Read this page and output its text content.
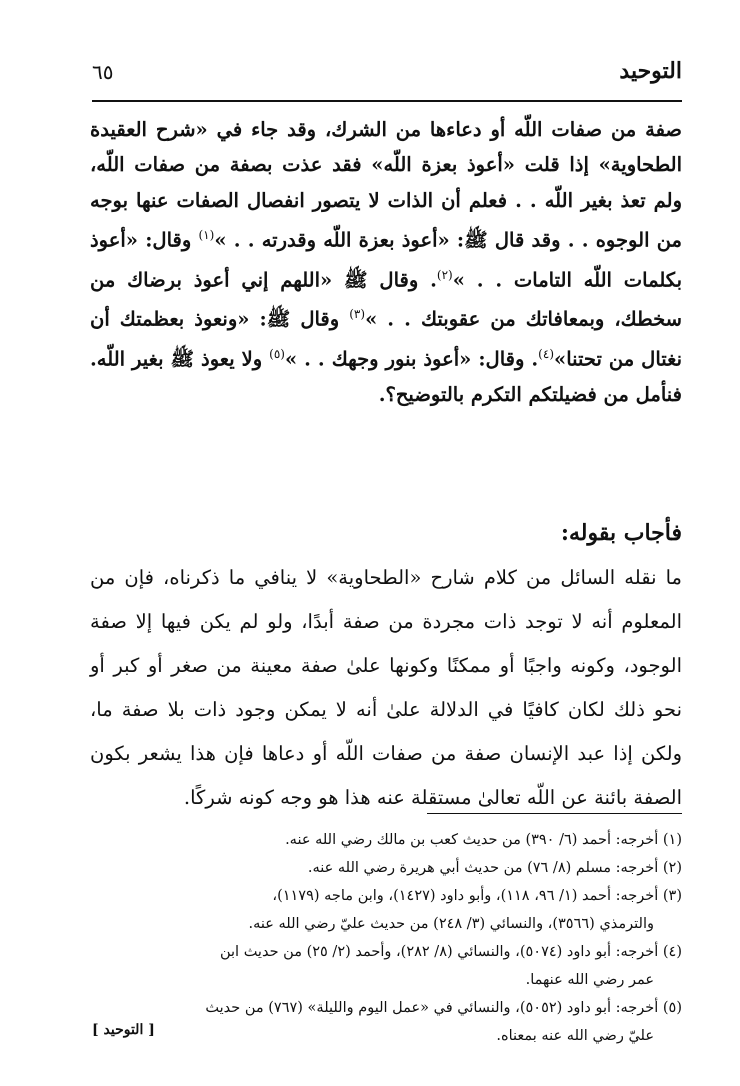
التوحيد
٦٥
صفة من صفات اللّه أو دعاءها من الشرك، وقد جاء في «شرح العقيدة الطحاوية» إذا قلت «أعوذ بعزة اللّه» فقد عذت بصفة من صفات اللّه، ولم تعذ بغير اللّه . . فعلم أن الذات لا يتصور انفصال الصفات عنها بوجه من الوجوه . . وقد قال ﷺ: «أعوذ بعزة اللّه وقدرته . . »$^{(١)}$ وقال: «أعوذ بكلمات اللّه التامات . . »$^{(٢)}$. وقال ﷺ «اللهم إني أعوذ برضاك من سخطك، وبمعافاتك من عقوبتك . . »$^{(٣)}$ وقال ﷺ: «ونعوذ بعظمتك أن نغتال من تحتنا»$^{(٤)}$. وقال: «أعوذ بنور وجهك . . »$^{(٥)}$ ولا يعوذ ﷺ بغير اللّه. فنأمل من فضيلتكم التكرم بالتوضيح؟.
فأجاب بقوله:
ما نقله السائل من كلام شارح «الطحاوية» لا ينافي ما ذكرناه، فإن من المعلوم أنه لا توجد ذات مجردة من صفة أبدًا، ولو لم يكن فيها إلا صفة الوجود، وكونه واجبًا أو ممكنًا وكونها علىٰ صفة معينة من صغر أو كبر أو نحو ذلك لكان كافيًا في الدلالة علىٰ أنه لا يمكن وجود ذات بلا صفة ما، ولكن إذا عبد الإنسان صفة من صفات اللّه أو دعاها فإن هذا يشعر بكون الصفة بائنة عن اللّه تعالىٰ مستقلة عنه هذا هو وجه كونه شركًا.

(١) أخرجه: أحمد (٦/ ٣٩٠) من حديث كعب بن مالك رضي الله عنه.

(٢) أخرجه: مسلم (٨/ ٧٦) من حديث أبي هريرة رضي الله عنه.

(٣) أخرجه: أحمد (١/ ٩٦، ١١٨)، وأبو داود (١٤٢٧)، وابن ماجه (١١٧٩)،

والترمذي (٣٥٦٦)، والنسائي (٣/ ٢٤٨) من حديث عليّ رضي الله عنه.

(٤) أخرجه: أبو داود (٥٠٧٤)، والنسائي (٨/ ٢٨٢)، وأحمد (٢/ ٢٥) من حديث ابن

عمر رضي الله عنهما.

(٥) أخرجه: أبو داود (٥٠٥٢)، والنسائي في «عمل اليوم والليلة» (٧٦٧) من حديث

عليّ رضي الله عنه بمعناه.

[ التوحيد ]
